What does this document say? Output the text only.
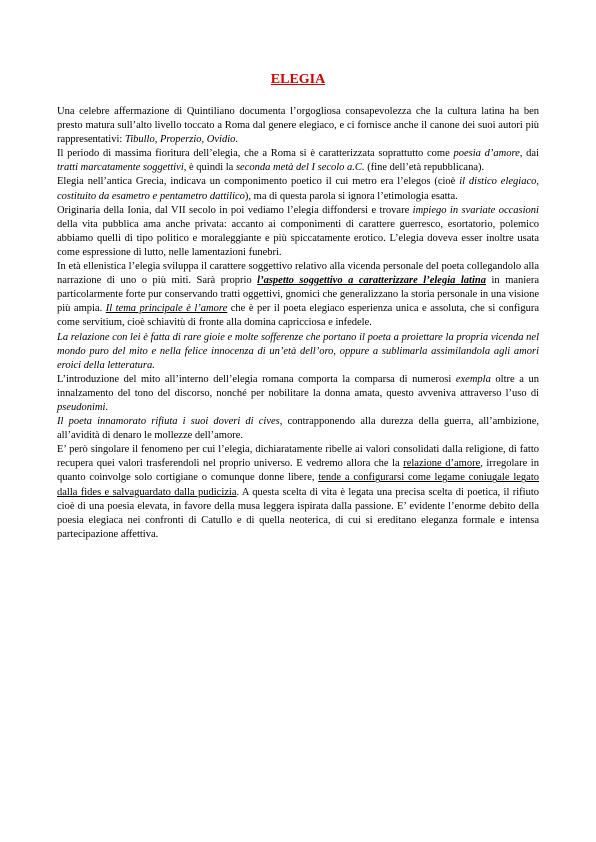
ELEGIA

Una celebre affermazione di Quintiliano documenta l’orgogliosa consapevolezza che la cultura latina ha ben presto matura sull’alto livello toccato a Roma dal genere elegiaco, e ci fornisce anche il canone dei suoi autori più rappresentativi: Tibullo, Properzio, Ovidio.

Il periodo di massima fioritura dell’elegia, che a Roma si è caratterizzata soprattutto come poesia d’amore, dai tratti marcatamente soggettivi, è quindi la seconda metà del I secolo a.C. (fine dell’età repubblicana).

Elegia nell’antica Grecia, indicava un componimento poetico il cui metro era l’elegos (cioè il distico elegiaco, costituito da esametro e pentametro dattilico), ma di questa parola si ignora l’etimologia esatta.

Originaria della Ionia, dal VII secolo in poi vediamo l’elegia diffondersi e trovare impiego in svariate occasioni della vita pubblica ama anche privata: accanto ai componimenti di carattere guerresco, esortatorio, polemico abbiamo quelli di tipo politico e moraleggiante e più spiccatamente erotico. L’elegia doveva esser inoltre usata come espressione di lutto, nelle lamentazioni funebri.

In età ellenistica l’elegia sviluppa il carattere soggettivo relativo alla vicenda personale del poeta collegandolo alla narrazione di uno o più miti. Sarà proprio l’aspetto soggettivo a caratterizzare l’elegia latina in maniera particolarmente forte pur conservando tratti oggettivi, gnomici che generalizzano la storia personale in una visione più ampia. Il tema principale è l’amore che è per il poeta elegiaco esperienza unica e assoluta, che si configura come servitium, cioè schiavitù di fronte alla domina capricciosa e infedele.

La relazione con lei è fatta di rare gioie e molte sofferenze che portano il poeta a proiettare la propria vicenda nel mondo puro del mito e nella felice innocenza di un’età dell’oro, oppure a sublimarla assimilandola agli amori eroici della letteratura.

L’introduzione del mito all’interno dell’elegia romana comporta la comparsa di numerosi exempla oltre a un innalzamento del tono del discorso, nonché per nobilitare la donna amata, questo avveniva attraverso l’uso di pseudonimi.

Il poeta innamorato rifiuta i suoi doveri di cives, contrapponendo alla durezza della guerra, all’ambizione, all’avidità di denaro le mollezze dell’amore.

E’ però singolare il fenomeno per cui l’elegia, dichiaratamente ribelle ai valori consolidati dalla religione, di fatto recupera quei valori trasferendoli nel proprio universo. E vedremo allora che la relazione d’amore, irregolare in quanto coinvolge solo cortigiane o comunque donne libere, tende a configurarsi come legame coniugale legato dalla fides e salvaguardato dalla pudicizia. A questa scelta di vita è legata una precisa scelta di poetica, il rifiuto cioè di una poesia elevata, in favore della musa leggera ispirata dalla passione. E’ evidente l’enorme debito della poesia elegiaca nei confronti di Catullo e di quella neoterica, di cui si ereditano eleganza formale e intensa partecipazione affettiva.
